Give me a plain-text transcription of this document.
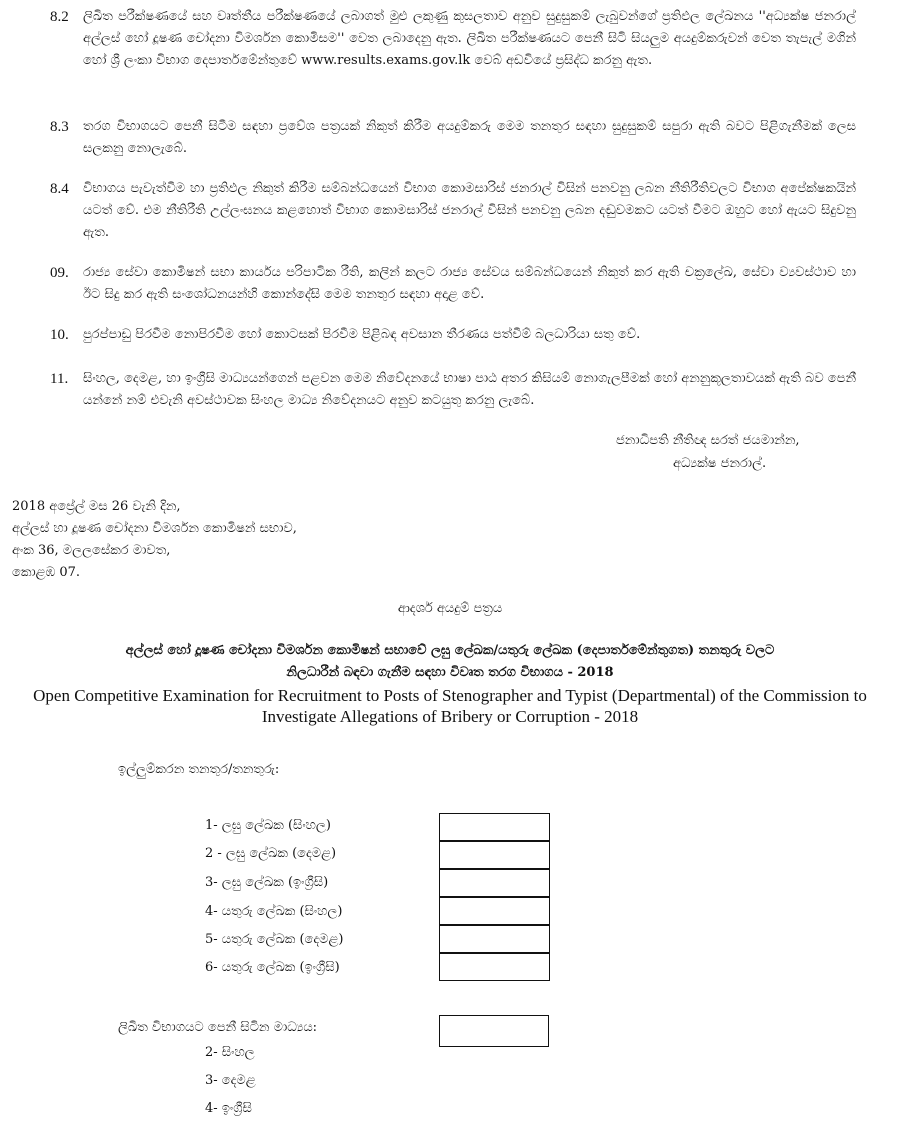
8.2 ලිඛිත පරීක්ෂණයේ සහ වෘත්තීය පරීක්ෂණයේ ලබාගත් මුළු ලකුණු කුසලතාව අනුව සුදුසුකම් ලැබුවන්ගේ ප්‍රතිඵල ලේඛනය ''අධ්‍යක්ෂ ජනරාල් අල්ලස් හෝ දූෂණ චෝදනා විමර්ශන කොමිසම'' වෙත ලබාදෙනු ඇත. ලිඛිත පරීක්ෂණයට පෙනී සිටි සියලුම අයදුම්කරුවන් වෙත තැපැල් මගින් හෝ ශ්‍රී ලංකා විභාග දෙපාර්තමේන්තුවේ www.results.exams.gov.lk වෙබ් අඩවියේ ප්‍රසිද්ධ කරනු ඇත.
8.3 තරග විභාගයට පෙනී සිටීම සඳහා ප්‍රවේශ පත්‍රයක් නිකුත් කිරීම අයදුම්කරු මෙම තනතුර සඳහා සුදුසුකම් සපුරා ඇති බවට පිළිගැනීමක් ලෙස සලකනු නොලැබේ.
8.4 විභාගය පැවැත්වීම හා ප්‍රතිඵල නිකුත් කිරීම සම්බන්ධයෙන් විභාග කොමසාරිස් ජනරාල් විසින් පනවනු ලබන නීතිරීතිවලට විභාග අපේක්ෂකයින් යටත් වේ. එම නීතිරීති උල්ලංඝනය කළහොත් විභාග කොමසාරිස් ජනරාල් විසින් පනවනු ලබන දඬුවමකට යටත් වීමට ඔහුට හෝ ඇයට සිදුවනු ඇත.
09. රාජ්‍ය සේවා කොමිෂන් සභා කාර්යය පරිපාටික රීති, කලින් කලට රාජ්‍ය සේවය සම්බන්ධයෙන් නිකුත් කර ඇති චක්‍රලේඛ, සේවා ව්‍යවස්ථාව හා ඊට සිදු කර ඇති සංශෝධනයන්හි කොන්දේසි මෙම තනතුර සඳහා අදාළ වේ.
10. පුරප්පාඩු පිරවීම නොපිරවීම හෝ කොටසක් පිරවීම පිළිබඳ අවසාන තීරණය පත්වීම් බලධාරියා සතු වේ.
11. සිංහල, දෙමළ, හා ඉංග්‍රීසි මාධ්‍යයන්ගෙන් පළවන මෙම නිවේදනයේ භාෂා පාඨ අතර කිසියම් නොගැලපීමක් හෝ අනනුකූලතාවයක් ඇති බව පෙනී යන්නේ නම් එවැනි අවස්ථාවක සිංහල මාධ්‍ය නිවේදනයට අනුව කටයුතු කරනු ලැබේ.
ජනාධිපති නීතිඥ සරත් ජයමාන්න,
අධ්‍යක්ෂ ජනරාල්.
2018 අප්‍රේල් මස 26 වැනි දින,
අල්ලස් හා දූෂණ චෝදනා විමර්ශන කොමිෂන් සභාව,
අංක 36, මලලසේකර මාවත,
කොළඹ 07.
ආදර්ශ අයදුම් පත්‍රය
අල්ලස් හෝ දූෂණ චෝදනා විමර්ශන කොමිෂන් සභාවේ ලඝු ලේඛක/යතුරු ලේඛක (දෙපාර්තමේන්තුගත) තනතුරු වලට
නිලධාරීන් බඳවා ගැනීම සඳහා විවෘත තරග විභාගය - 2018
Open Competitive Examination for Recruitment to Posts of Stenographer and Typist (Departmental) of the Commission to
Investigate Allegations of Bribery or Corruption - 2018
ඉල්ලුම්කරන තනතුර/තනතුරු:
1- ලඝු ලේඛක (සිංහල)
2 - ලඝු ලේඛක (දෙමළ)
3- ලඝු ලේඛක (ඉංග්‍රීසි)
4- යතුරු ලේඛක (සිංහල)
5- යතුරු ලේඛක (දෙමළ)
6- යතුරු ලේඛක (ඉංග්‍රීසි)
ලිඛිත විභාගයට පෙනී සිටින මාධ්‍යය:
2- සිංහල
3- දෙමළ
4- ඉංග්‍රීසි
